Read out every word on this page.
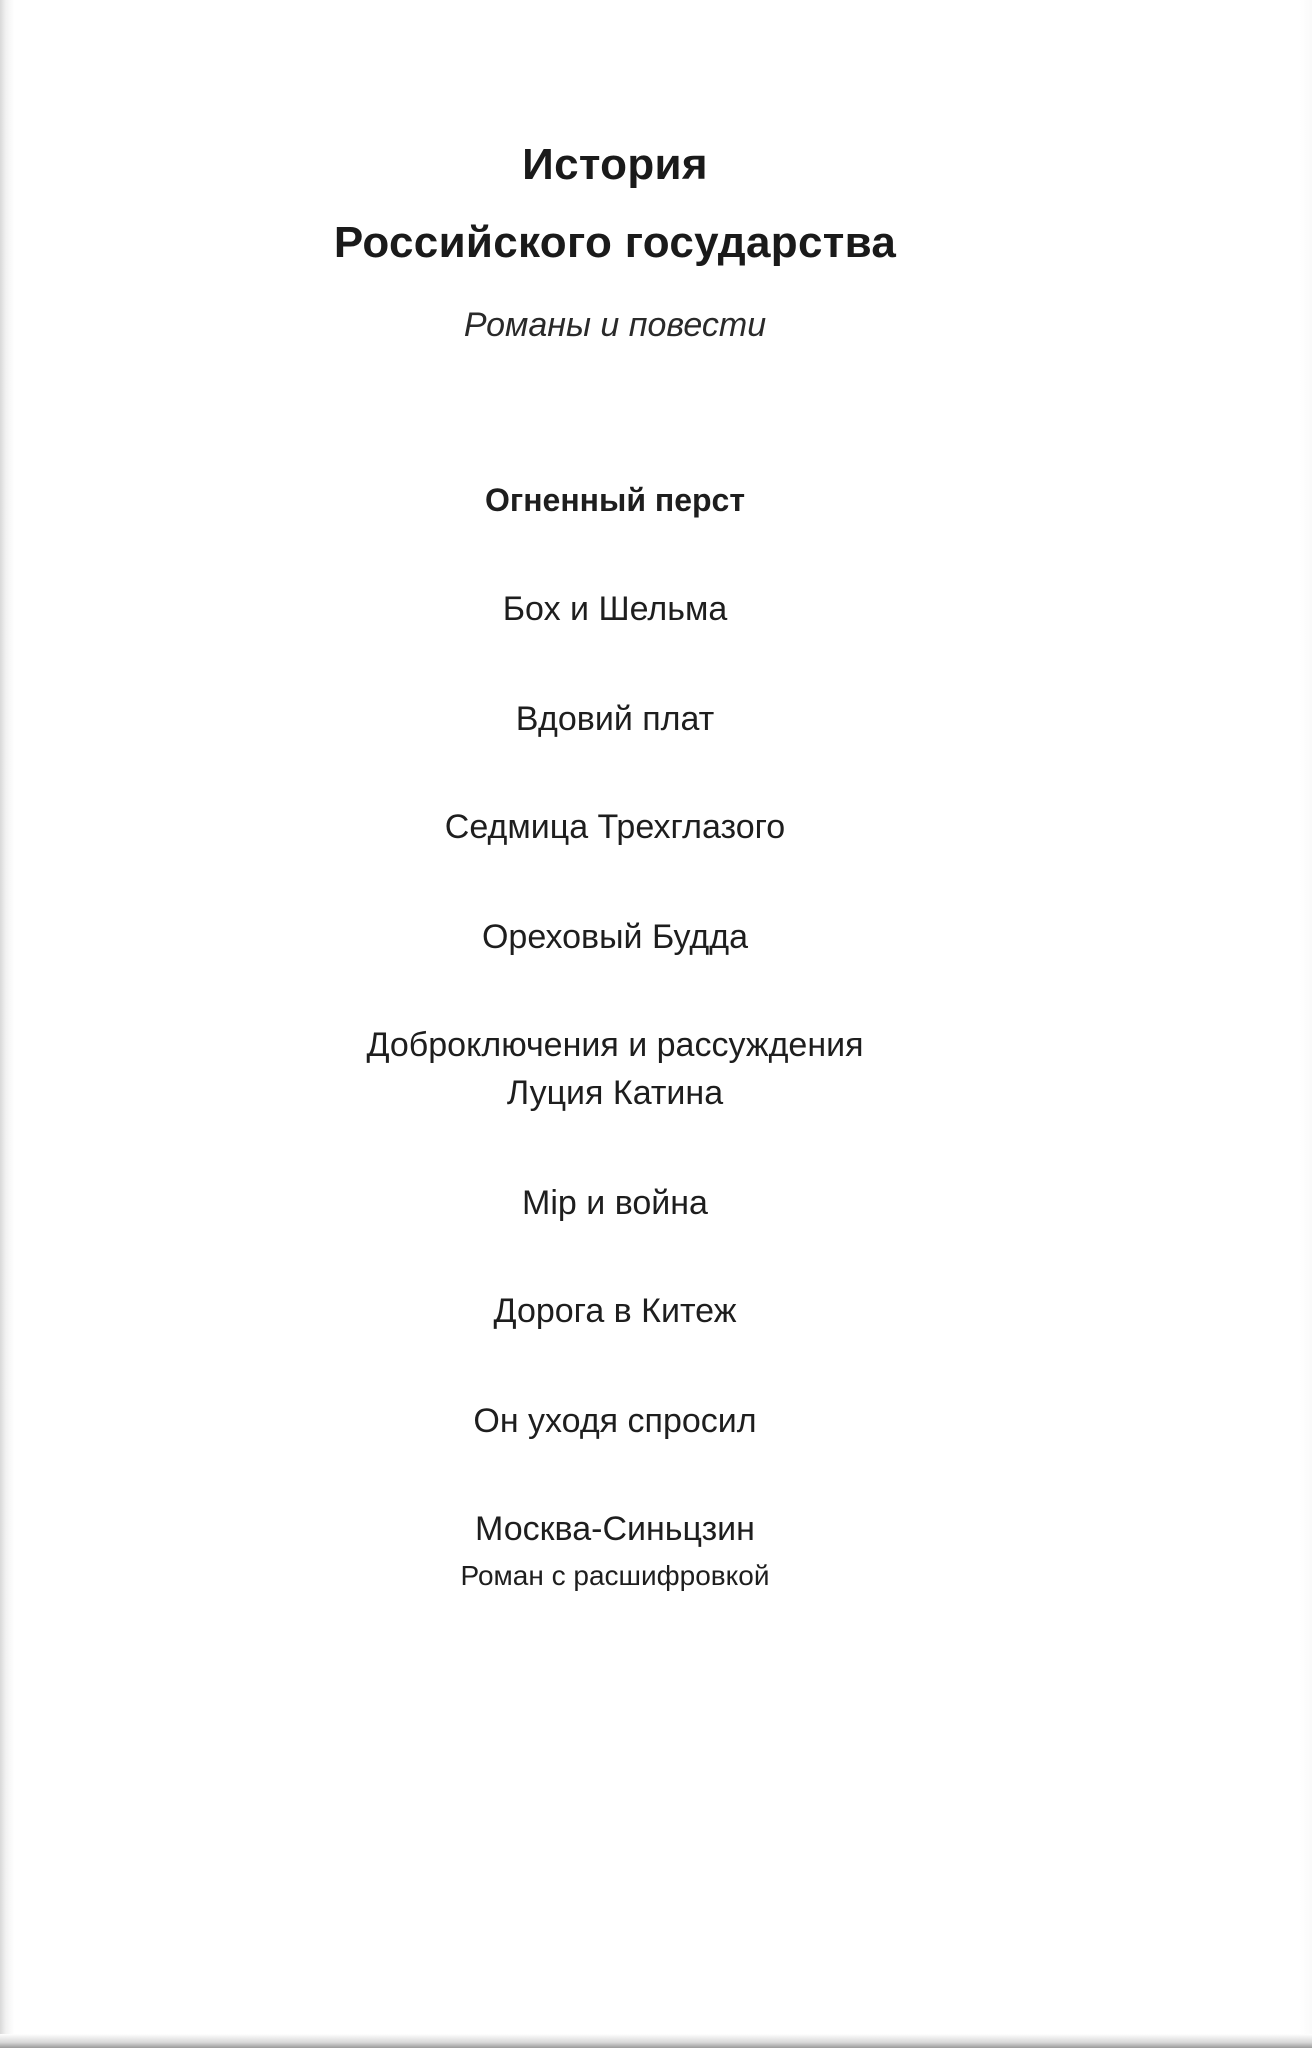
История
Российского государства
Романы и повести
Огненный перст
Бох и Шельма
Вдовий плат
Седмица Трехглазого
Ореховый Будда
Доброключения и рассуждения
Луция Катина
Мiр и война
Дорога в Китеж
Он уходя спросил
Москва-Синьцзин
Роман с расшифровкой
